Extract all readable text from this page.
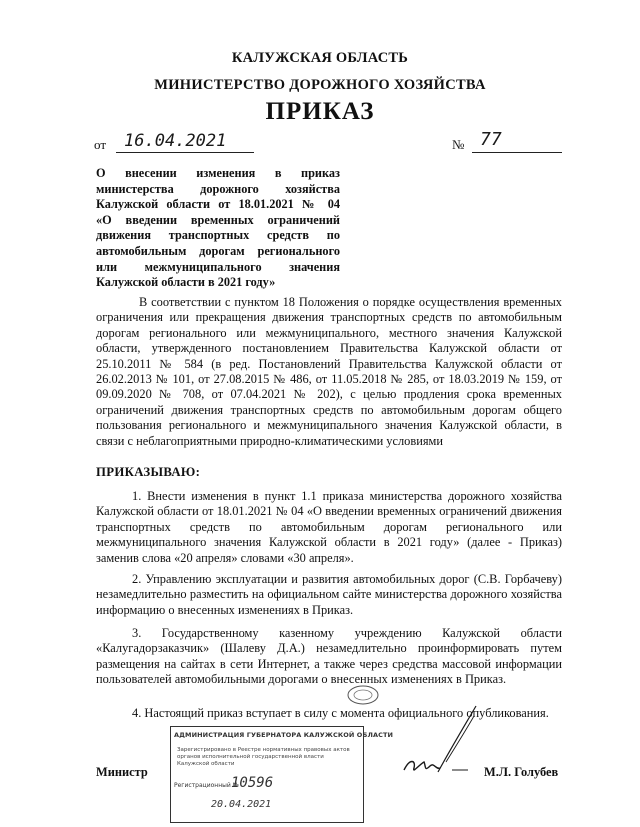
КАЛУЖСКАЯ ОБЛАСТЬ
МИНИСТЕРСТВО ДОРОЖНОГО ХОЗЯЙСТВА
ПРИКАЗ
от	16.04.2021	№ 77
О внесении изменения в приказ
министерства дорожного хозяйства
Калужской области от 18.01.2021 № 04
«О введении временных ограничений
движения транспортных средств по
автомобильным дорогам регионального
или межмуниципального значения
Калужской области в 2021 году»
В соответствии с пунктом 18 Положения о порядке осуществления временных ограничения или прекращения движения транспортных средств по автомобильным дорогам регионального или межмуниципального, местного значения Калужской области, утвержденного постановлением Правительства Калужской области от 25.10.2011 № 584 (в ред. Постановлений Правительства Калужской области от 26.02.2013 № 101, от 27.08.2015 № 486, от 11.05.2018 № 285, от 18.03.2019 № 159, от 09.09.2020 № 708, от 07.04.2021 № 202), с целью продления срока временных ограничений движения транспортных средств по автомобильным дорогам общего пользования регионального и межмуниципального значения Калужской области, в связи с неблагоприятными природно-климатическими условиями
ПРИКАЗЫВАЮ:
1. Внести изменения в пункт 1.1 приказа министерства дорожного хозяйства Калужской области от 18.01.2021 № 04 «О введении временных ограничений движения транспортных средств по автомобильным дорогам регионального или межмуниципального значения Калужской области в 2021 году» (далее - Приказ) заменив слова «20 апреля» словами «30 апреля».
2. Управлению эксплуатации и развития автомобильных дорог (С.В. Горбачеву) незамедлительно разместить на официальном сайте министерства дорожного хозяйства информацию о внесенных изменениях в Приказ.
3. Государственному казенному учреждению Калужской области «Калугадорзаказчик» (Шалеву Д.А.) незамедлительно проинформировать путем размещения на сайтах в сети Интернет, а также через средства массовой информации пользователей автомобильными дорогами о внесенных изменениях в Приказ.
4. Настоящий приказ вступает в силу с момента официального опубликования.
АДМИНИСТРАЦИЯ ГУБЕРНАТОРА КАЛУЖСКОЙ ОБЛАСТИ
Зарегистрировано в Реестре нормативных правовых актов органов исполнительной государственной власти Калужской области
Регистрационный №
10596
20.04.2021
Министр	М.Л. Голубев
